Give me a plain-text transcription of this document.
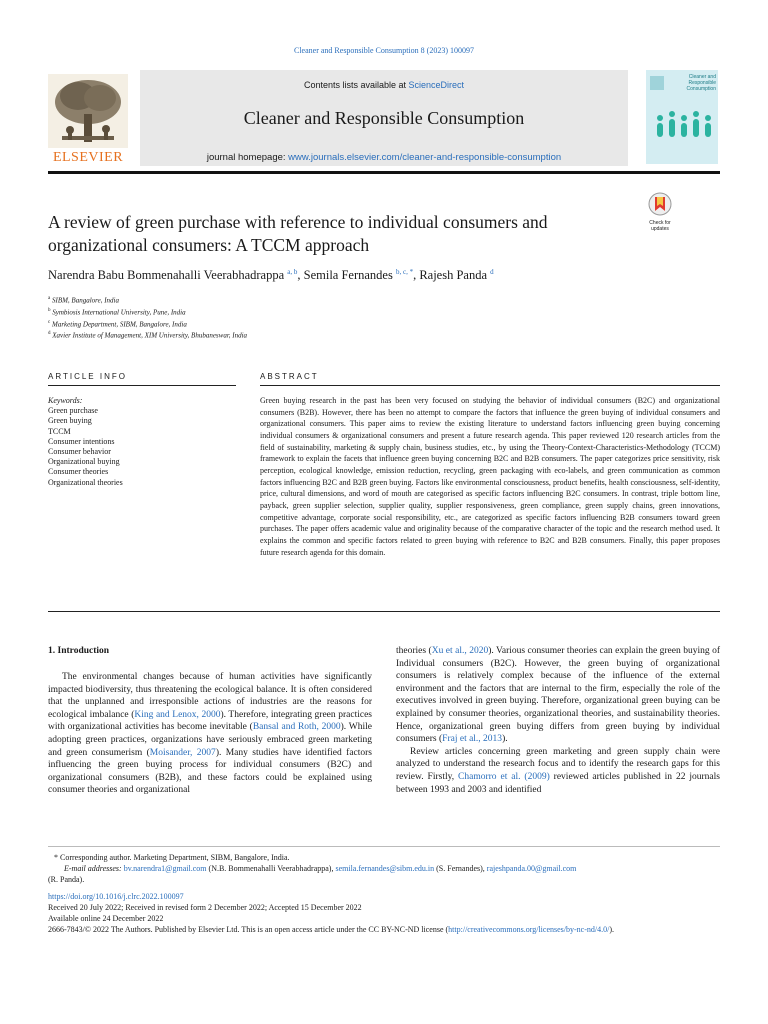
Cleaner and Responsible Consumption 8 (2023) 100097
ELSEVIER
Contents lists available at ScienceDirect
Cleaner and Responsible Consumption
journal homepage: www.journals.elsevier.com/cleaner-and-responsible-consumption
Cleaner and Responsible Consumption
A review of green purchase with reference to individual consumers and organizational consumers: A TCCM approach
Check for updates
Narendra Babu Bommenahalli Veerabhadrappa $^{a, b}$, Semila Fernandes $^{b, c, *}$, Rajesh Panda $^d$
$^a$ SIBM, Bangalore, India
$^b$ Symbiosis International University, Pune, India
$^c$ Marketing Department, SIBM, Bangalore, India
$^d$ Xavier Institute of Management, XIM University, Bhubaneswar, India
ARTICLE INFO	ABSTRACT
Keywords:
Green purchase
Green buying
TCCM
Consumer intentions
Consumer behavior
Organizational buying
Consumer theories
Organizational theories
Green buying research in the past has been very focused on studying the behavior of individual consumers (B2C) and organizational consumers (B2B). However, there has been no attempt to compare the factors that influence the green buying of individual consumers and organizational consumers. This paper aims to review the existing literature to understand factors influencing green buying concerning individual consumers & organizational consumers and present a future research agenda. This paper reviewed 120 research articles from the field of sustainability, marketing & supply chain, business studies, etc., by using the Theory-Context-Characteristics-Methodology (TCCM) framework to explain the facets that influence green buying concerning B2C and B2B consumers. The paper categorizes price sensitivity, risk perception, ecological knowledge, emission reduction, recycling, green packaging with eco-labels, and green communication as common factors influencing B2C and B2B green buying. Factors like environmental consciousness, product benefits, health consciousness, self-identity, price, cultural dimensions, and word of mouth are categorised as specific factors influencing B2C consumers. In contrast, triple bottom line, payback, green supplier selection, supplier quality, supplier responsiveness, green compliance, green supply chains, green innovations, competitive advantage, corporate social responsibility, etc., are categorized as specific factors influencing B2B consumers toward green purchases. The paper offers academic value and originality because of the comparative character of the topic and the research method used. It explains the common and specific factors related to green buying with reference to B2C and B2B consumers. Finally, this paper proposes future research agenda for this domain.
1. Introduction

The environmental changes because of human activities have significantly impacted biodiversity, thus threatening the ecological balance. It is often considered that the unplanned and irresponsible actions of industries are the reasons for ecological imbalance (King and Lenox, 2000). Therefore, integrating green practices with organizational activities has become inevitable (Bansal and Roth, 2000). While adopting green practices, organizations have seriously embraced green marketing and green consumerism (Moisander, 2007). Many studies have identified factors influencing the green buying process for individual consumers (B2C) and organizational consumers (B2B), and these factors could be explained using consumer theories and organizational

theories (Xu et al., 2020). Various consumer theories can explain the green buying of Individual consumers (B2C). However, the green buying of organizational consumers is relatively complex because of the influence of the external environment and the factors that are internal to the firm, especially the role of the executives involved in green buying. Therefore, organizational green buying can be explained by consumer theories, organizational theories, and sustainability theories. Hence, organizational green buying differs from green buying by individual consumers (Fraj et al., 2013).

Review articles concerning green marketing and green supply chain were analyzed to understand the research focus and to identify the research gaps for this review. Firstly, Chamorro et al. (2009) reviewed articles published in 22 journals between 1993 and 2003 and identified

* Corresponding author. Marketing Department, SIBM, Bangalore, India.
E-mail addresses: bv.narendra1@gmail.com (N.B. Bommenahalli Veerabhadrappa), semila.fernandes@sibm.edu.in (S. Fernandes), rajeshpanda.00@gmail.com
(R. Panda).
https://doi.org/10.1016/j.clrc.2022.100097
Received 20 July 2022; Received in revised form 2 December 2022; Accepted 15 December 2022
Available online 24 December 2022
2666-7843/© 2022 The Authors. Published by Elsevier Ltd. This is an open access article under the CC BY-NC-ND license (http://creativecommons.org/licenses/by-nc-nd/4.0/).
